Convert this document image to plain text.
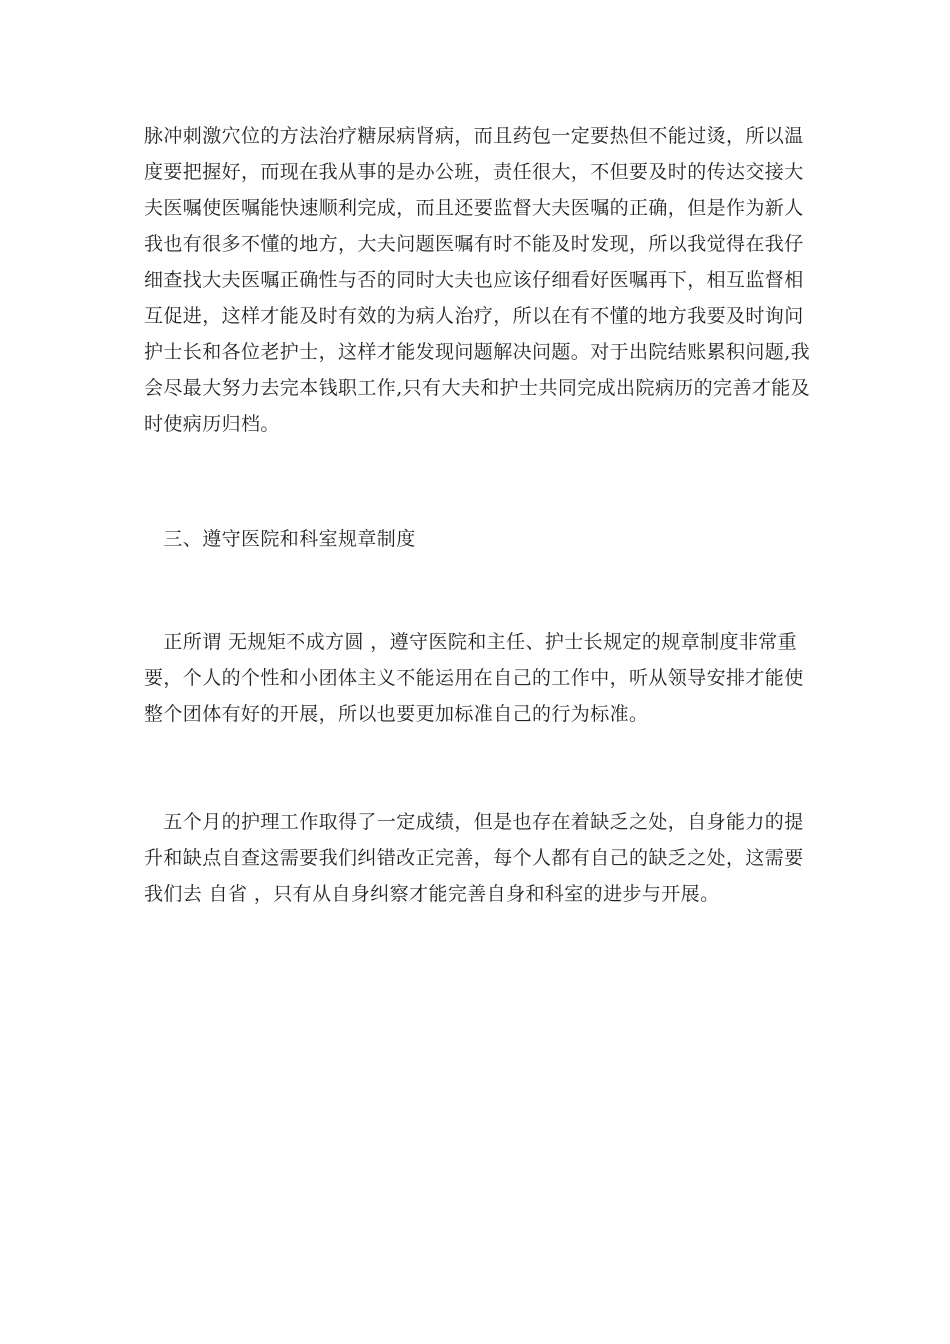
脉冲刺激穴位的方法治疗糖尿病肾病，而且药包一定要热但不能过烫，所以温
度要把握好，而现在我从事的是办公班，责任很大，不但要及时的传达交接大
夫医嘱使医嘱能快速顺利完成，而且还要监督大夫医嘱的正确，但是作为新人
我也有很多不懂的地方，大夫问题医嘱有时不能及时发现，所以我觉得在我仔
细查找大夫医嘱正确性与否的同时大夫也应该仔细看好医嘱再下，相互监督相
互促进，这样才能及时有效的为病人治疗，所以在有不懂的地方我要及时询问
护士长和各位老护士，这样才能发现问题解决问题。对于出院结账累积问题,我
会尽最大努力去完本钱职工作,只有大夫和护士共同完成出院病历的完善才能及
时使病历归档。

　三、遵守医院和科室规章制度

　正所谓 无规矩不成方圆 ，遵守医院和主任、护士长规定的规章制度非常重
要，个人的个性和小团体主义不能运用在自己的工作中，听从领导安排才能使
整个团体有好的开展，所以也要更加标准自己的行为标准。

　五个月的护理工作取得了一定成绩，但是也存在着缺乏之处，自身能力的提
升和缺点自查这需要我们纠错改正完善，每个人都有自己的缺乏之处，这需要
我们去 自省 ，只有从自身纠察才能完善自身和科室的进步与开展。
